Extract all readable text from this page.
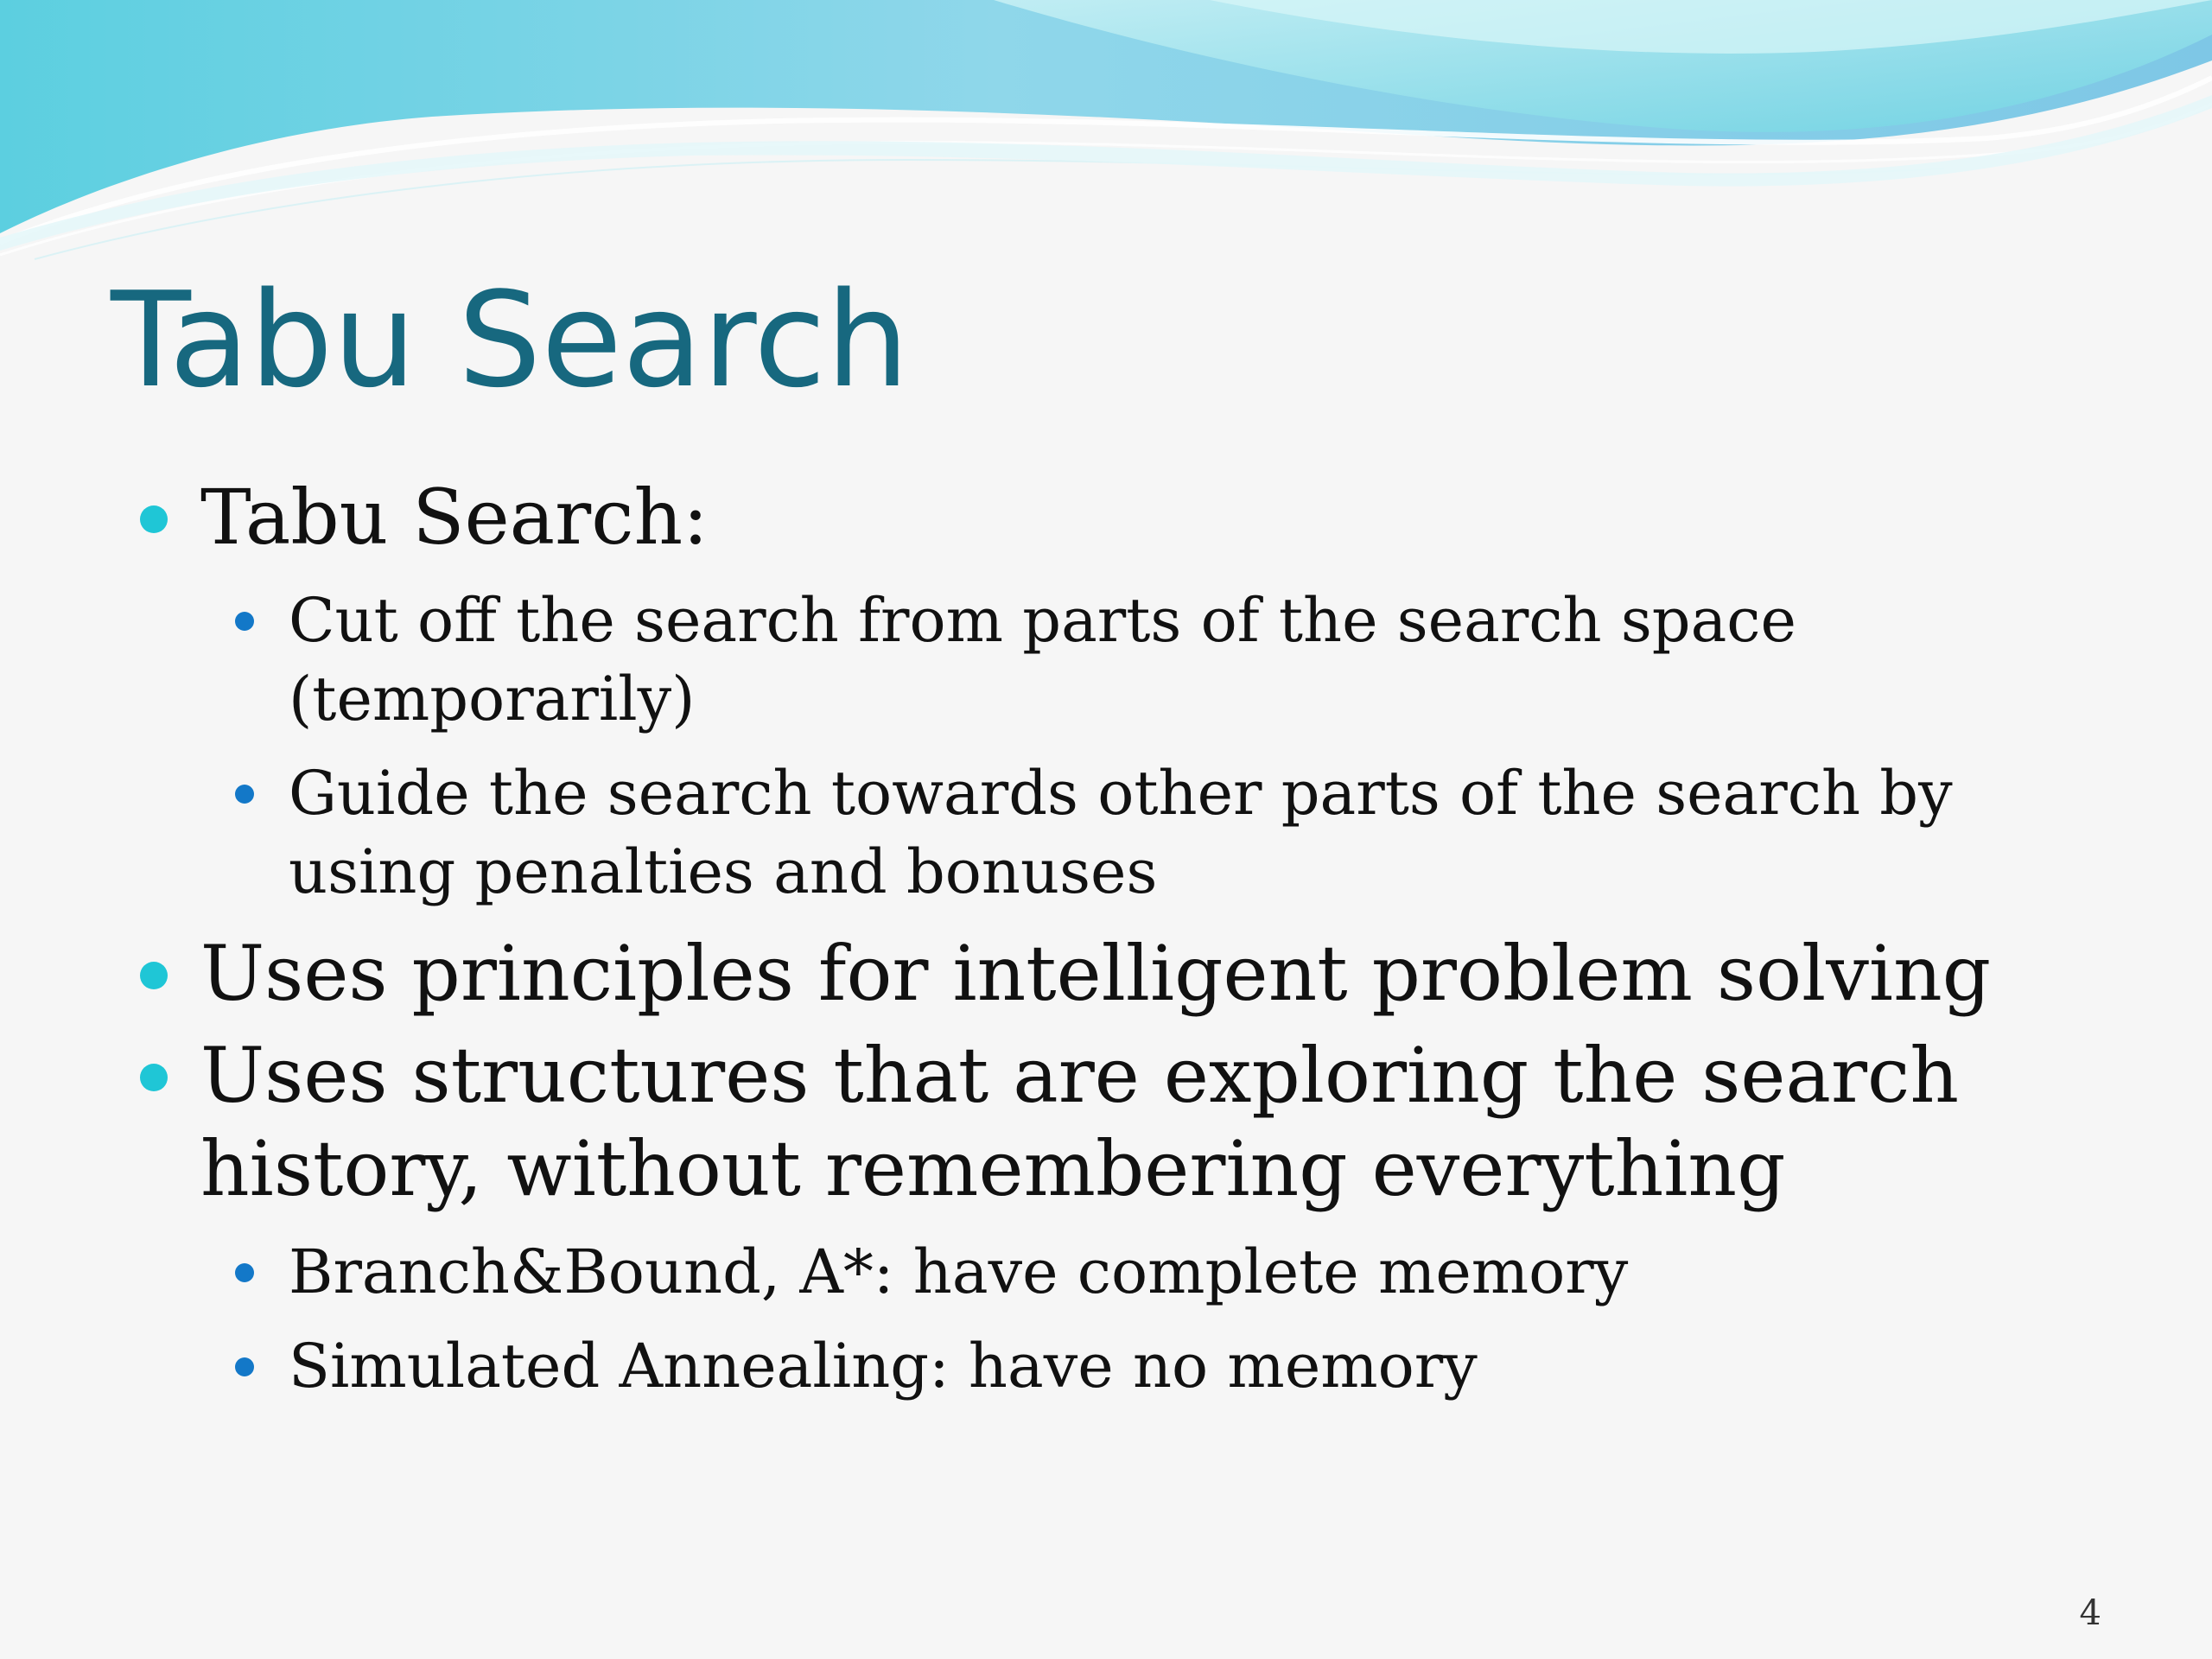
Tabu Search
Tabu Search:
Cut off the search from parts of the search space (temporarily)
Guide the search towards other parts of the search by using penalties and bonuses
Uses principles for intelligent problem solving
Uses structures that are exploring the search history, without remembering everything
Branch&Bound, A*: have complete memory
Simulated Annealing: have no memory
4
